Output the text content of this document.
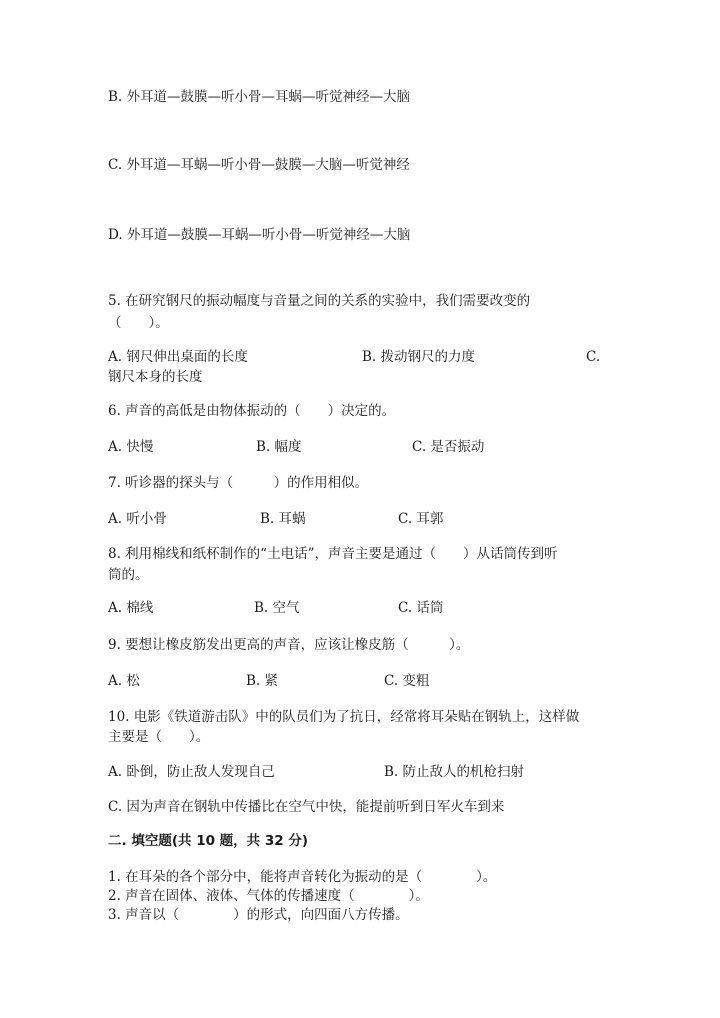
B. 外耳道—鼓膜—听小骨—耳蜗—听觉神经—大脑
C. 外耳道—耳蜗—听小骨—鼓膜—大脑—听觉神经
D. 外耳道—鼓膜—耳蜗—听小骨—听觉神经—大脑
5. 在研究钢尺的振动幅度与音量之间的关系的实验中，我们需要改变的
（　　）。
A. 钢尺伸出桌面的长度	B. 拨动钢尺的力度	C.
钢尺本身的长度
6. 声音的高低是由物体振动的（　　）决定的。
A. 快慢	B. 幅度	C. 是否振动
7. 听诊器的探头与（　　　）的作用相似。
A. 听小骨	B. 耳蜗	C. 耳郭
8. 利用棉线和纸杯制作的“土电话”，声音主要是通过（　　）从话筒传到听
筒的。
A. 棉线	B. 空气	C. 话筒
9. 要想让橡皮筋发出更高的声音，应该让橡皮筋（　　　）。
A. 松	B. 紧	C. 变粗
10. 电影《铁道游击队》中的队员们为了抗日，经常将耳朵贴在钢轨上，这样做
主要是（　　）。
A. 卧倒，防止敌人发现自己	B. 防止敌人的机枪扫射
C. 因为声音在钢轨中传播比在空气中快，能提前听到日军火车到来
二. 填空题(共 10 题，共 32 分)
1. 在耳朵的各个部分中，能将声音转化为振动的是（　　　　）。
2. 声音在固体、液体、气体的传播速度（　　　　）。
3. 声音以（　　　　）的形式，向四面八方传播。
